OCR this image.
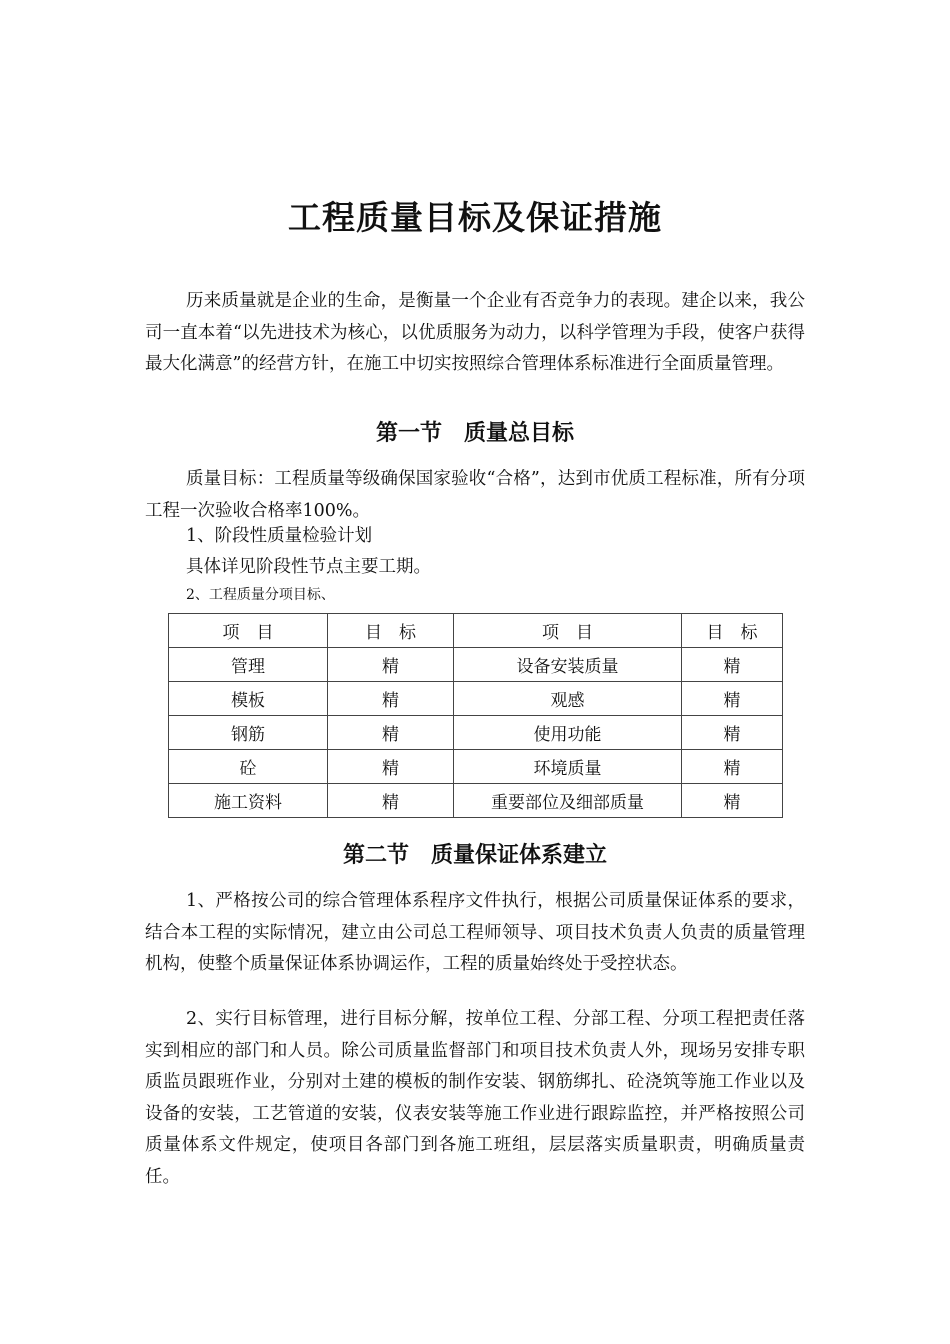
工程质量目标及保证措施

历来质量就是企业的生命，是衡量一个企业有否竞争力的表现。建企以来，我公司一直本着“以先进技术为核心，以优质服务为动力，以科学管理为手段，使客户获得最大化满意”的经营方针，在施工中切实按照综合管理体系标准进行全面质量管理。

第一节　质量总目标

质量目标：工程质量等级确保国家验收“合格”，达到市优质工程标准，所有分项工程一次验收合格率100%。

1、阶段性质量检验计划
具体详见阶段性节点主要工期。
2、工程质量分项目标、
项　目	目　标	项　目	目　标
管理	精	设备安装质量	精
模板	精	观感	精
钢筋	精	使用功能	精
砼	精	环境质量	精
施工资料	精	重要部位及细部质量	精
第二节　质量保证体系建立

1、严格按公司的综合管理体系程序文件执行，根据公司质量保证体系的要求，结合本工程的实际情况，建立由公司总工程师领导、项目技术负责人负责的质量管理机构，使整个质量保证体系协调运作，工程的质量始终处于受控状态。

2、实行目标管理，进行目标分解，按单位工程、分部工程、分项工程把责任落实到相应的部门和人员。除公司质量监督部门和项目技术负责人外，现场另安排专职质监员跟班作业，分别对土建的模板的制作安装、钢筋绑扎、砼浇筑等施工作业以及设备的安装，工艺管道的安装，仪表安装等施工作业进行跟踪监控，并严格按照公司质量体系文件规定，使项目各部门到各施工班组，层层落实质量职责，明确质量责任。
